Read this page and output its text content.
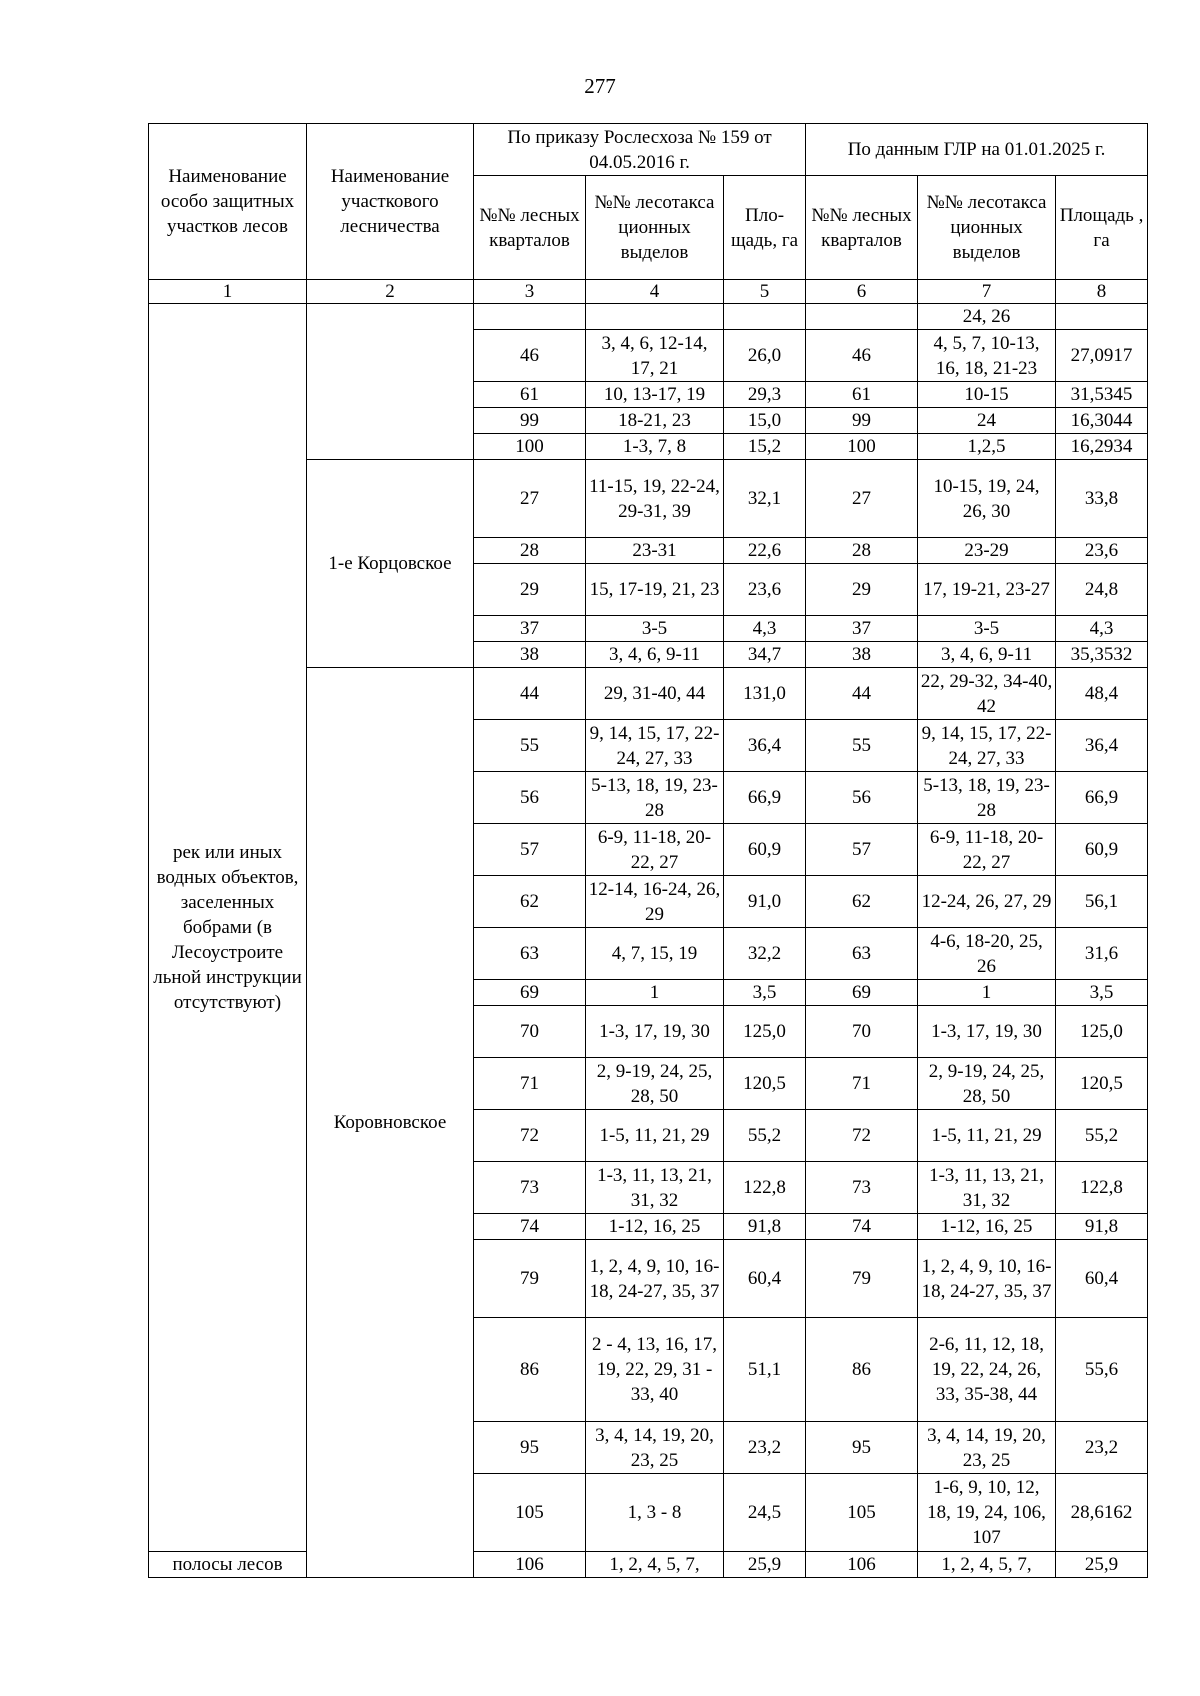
277
Наименование особо защитных участков лесов	Наименование участкового лесничества	По приказу Рослесхоза № 159 от 04.05.2016 г.			По данным ГЛР на 01.01.2025 г.		
		№№ лесных кварталов	№№ лесотакса ционных выделов	Пло- щадь, га	№№ лесных кварталов	№№ лесотакса ционных выделов	Площадь , га
1	2	3	4	5	6	7	8
рек или иных водных объектов, заселенных бобрами (в Лесоустроите льной инструкции отсутствуют)						24, 26	
		46	3, 4, 6, 12-14, 17, 21	26,0	46	4, 5, 7, 10-13, 16, 18, 21-23	27,0917
		61	10, 13-17, 19	29,3	61	10-15	31,5345
		99	18-21, 23	15,0	99	24	16,3044
		100	1-3, 7, 8	15,2	100	1,2,5	16,2934
	1-е Корцовское	27	11-15, 19, 22-24, 29-31, 39	32,1	27	10-15, 19, 24, 26, 30	33,8
		28	23-31	22,6	28	23-29	23,6
		29	15, 17-19, 21, 23	23,6	29	17, 19-21, 23-27	24,8
		37	3-5	4,3	37	3-5	4,3
		38	3, 4, 6, 9-11	34,7	38	3, 4, 6, 9-11	35,3532
	Коровновское	44	29, 31-40, 44	131,0	44	22, 29-32, 34-40, 42	48,4
		55	9, 14, 15, 17, 22-24, 27, 33	36,4	55	9, 14, 15, 17, 22-24, 27, 33	36,4
		56	5-13, 18, 19, 23-28	66,9	56	5-13, 18, 19, 23-28	66,9
		57	6-9, 11-18, 20-22, 27	60,9	57	6-9, 11-18, 20-22, 27	60,9
		62	12-14, 16-24, 26, 29	91,0	62	12-24, 26, 27, 29	56,1
		63	4, 7, 15, 19	32,2	63	4-6, 18-20, 25, 26	31,6
		69	1	3,5	69	1	3,5
		70	1-3, 17, 19, 30	125,0	70	1-3, 17, 19, 30	125,0
		71	2, 9-19, 24, 25, 28, 50	120,5	71	2, 9-19, 24, 25, 28, 50	120,5
		72	1-5, 11, 21, 29	55,2	72	1-5, 11, 21, 29	55,2
		73	1-3, 11, 13, 21, 31, 32	122,8	73	1-3, 11, 13, 21, 31, 32	122,8
		74	1-12, 16, 25	91,8	74	1-12, 16, 25	91,8
		79	1, 2, 4, 9, 10, 16-18, 24-27, 35, 37	60,4	79	1, 2, 4, 9, 10, 16-18, 24-27, 35, 37	60,4
		86	2 - 4, 13, 16, 17, 19, 22, 29, 31 - 33, 40	51,1	86	2-6, 11, 12, 18, 19, 22, 24, 26, 33, 35-38, 44	55,6
		95	3, 4, 14, 19, 20, 23, 25	23,2	95	3, 4, 14, 19, 20, 23, 25	23,2
		105	1, 3 - 8	24,5	105	1-6, 9, 10, 12, 18, 19, 24, 106, 107	28,6162
полосы лесов		106	1, 2, 4, 5, 7,	25,9	106	1, 2, 4, 5, 7,	25,9
